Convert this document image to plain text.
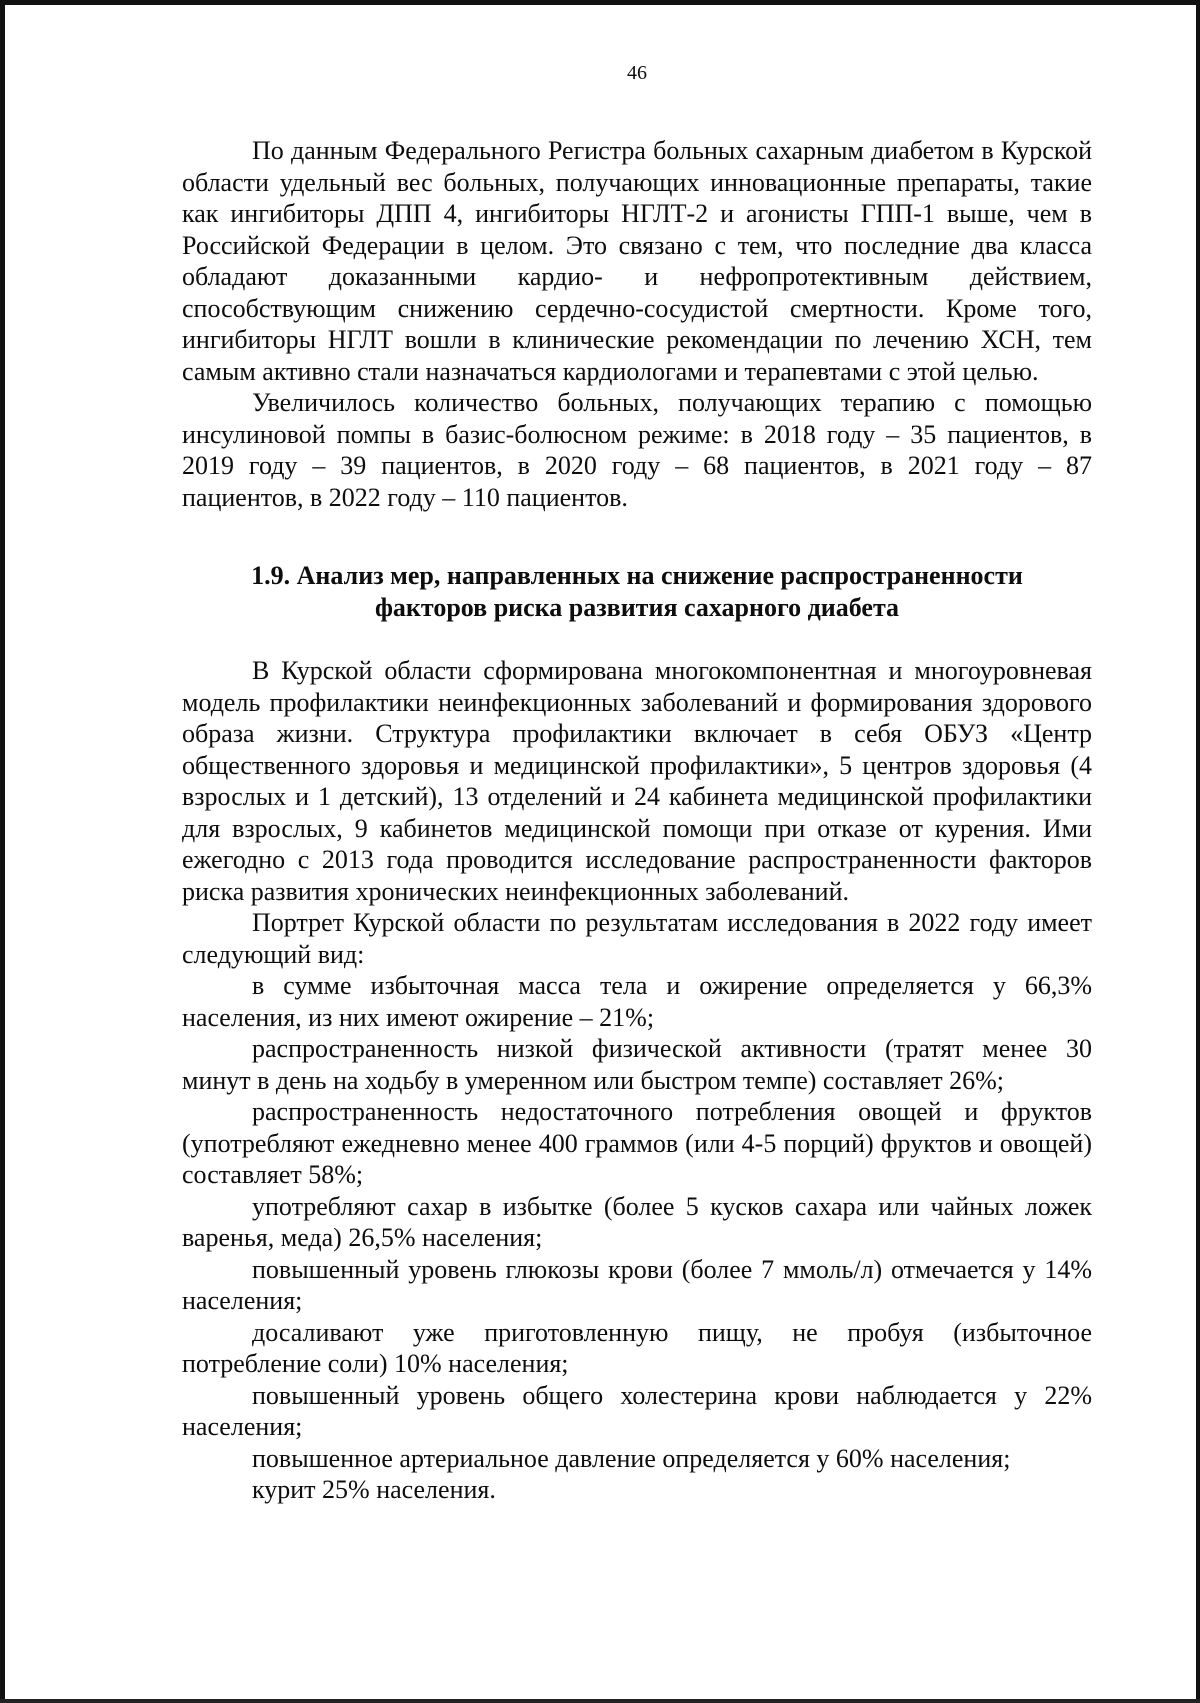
46

По данным Федерального Регистра больных сахарным диабетом в Курской области удельный вес больных, получающих инновационные препараты, такие как ингибиторы ДПП 4, ингибиторы НГЛТ-2 и агонисты ГПП-1 выше, чем в Российской Федерации в целом. Это связано с тем, что последние два класса обладают доказанными кардио- и нефропротективным действием, способствующим снижению сердечно-сосудистой смертности. Кроме того, ингибиторы НГЛТ вошли в клинические рекомендации по лечению ХСН, тем самым активно стали назначаться кардиологами и терапевтами с этой целью.

Увеличилось количество больных, получающих терапию с помощью инсулиновой помпы в базис-болюсном режиме: в 2018 году – 35 пациентов, в 2019 году – 39 пациентов, в 2020 году – 68 пациентов, в 2021 году – 87 пациентов, в 2022 году – 110 пациентов.

1.9. Анализ мер, направленных на снижение распространенности
факторов риска развития сахарного диабета

В Курской области сформирована многокомпонентная и многоуровневая модель профилактики неинфекционных заболеваний и формирования здорового образа жизни. Структура профилактики включает в себя ОБУЗ «Центр общественного здоровья и медицинской профилактики», 5 центров здоровья (4 взрослых и 1 детский), 13 отделений и 24 кабинета медицинской профилактики для взрослых, 9 кабинетов медицинской помощи при отказе от курения. Ими ежегодно с 2013 года проводится исследование распространенности факторов риска развития хронических неинфекционных заболеваний.

Портрет Курской области по результатам исследования в 2022 году имеет следующий вид:

в сумме избыточная масса тела и ожирение определяется у 66,3% населения, из них имеют ожирение – 21%;

распространенность низкой физической активности (тратят менее 30 минут в день на ходьбу в умеренном или быстром темпе) составляет 26%;

распространенность недостаточного потребления овощей и фруктов (употребляют ежедневно менее 400 граммов (или 4-5 порций) фруктов и овощей) составляет 58%;

употребляют сахар в избытке (более 5 кусков сахара или чайных ложек варенья, меда) 26,5% населения;

повышенный уровень глюкозы крови (более 7 ммоль/л) отмечается у 14% населения;

досаливают уже приготовленную пищу, не пробуя (избыточное потребление соли) 10% населения;

повышенный уровень общего холестерина крови наблюдается у 22% населения;

повышенное артериальное давление определяется у 60% населения;

курит 25% населения.
